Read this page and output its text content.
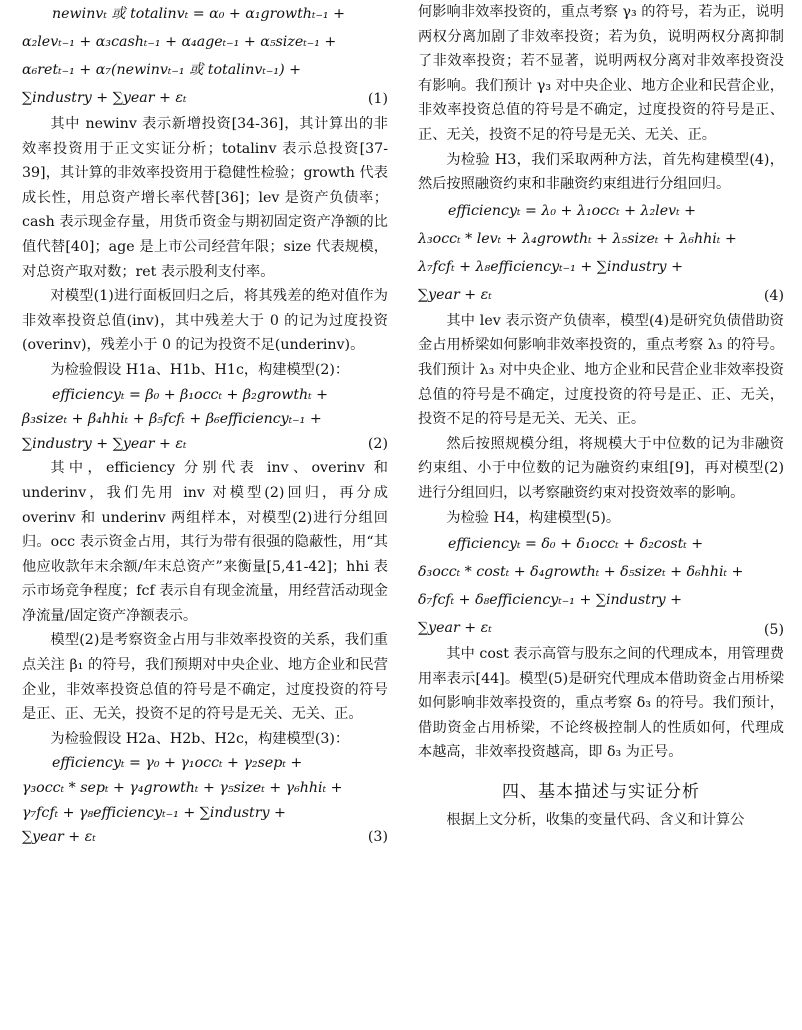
newinvₜ 或 totalinvₜ = α₀ + α₁growthₜ₋₁ +
α₂levₜ₋₁ + α₃cashₜ₋₁ + α₄ageₜ₋₁ + α₅sizeₜ₋₁ +
α₆retₜ₋₁ + α₇(newinvₜ₋₁ 或 totalinvₜ₋₁) +
∑industry + ∑year + εₜ	(1)

其中 newinv 表示新增投资[34-36]，其计算出的非效率投资用于正文实证分析；totalinv 表示总投资[37-39]，其计算的非效率投资用于稳健性检验；growth 代表成长性，用总资产增长率代替[36]；lev 是资产负债率；cash 表示现金存量，用货币资金与期初固定资产净额的比值代替[40]；age 是上市公司经营年限；size 代表规模，对总资产取对数；ret 表示股利支付率。

对模型(1)进行面板回归之后，将其残差的绝对值作为非效率投资总值(inv)，其中残差大于 0 的记为过度投资(overinv)，残差小于 0 的记为投资不足(underinv)。

为检验假设 H1a、H1b、H1c，构建模型(2)：

efficiencyₜ = β₀ + β₁occₜ + β₂growthₜ +
β₃sizeₜ + β₄hhiₜ + β₅fcfₜ + β₆efficiencyₜ₋₁ +
∑industry + ∑year + εₜ	(2)

其中，efficiency 分别代表 inv、overinv 和 underinv，我们先用 inv 对模型(2)回归，再分成 overinv 和 underinv 两组样本，对模型(2)进行分组回归。occ 表示资金占用，其行为带有很强的隐蔽性，用“其他应收款年末余额/年末总资产”来衡量[5,41-42]；hhi 表示市场竞争程度；fcf 表示自有现金流量，用经营活动现金净流量/固定资产净额表示。

模型(2)是考察资金占用与非效率投资的关系，我们重点关注 β₁ 的符号，我们预期对中央企业、地方企业和民营企业，非效率投资总值的符号是不确定，过度投资的符号是正、正、无关，投资不足的符号是无关、无关、正。

为检验假设 H2a、H2b、H2c，构建模型(3)：

efficiencyₜ = γ₀ + γ₁occₜ + γ₂sepₜ +
γ₃occₜ * sepₜ + γ₄growthₜ + γ₅sizeₜ + γ₆hhiₜ +
γ₇fcfₜ + γ₈efficiencyₜ₋₁ + ∑industry +
∑year + εₜ	(3)

何影响非效率投资的，重点考察 γ₃ 的符号，若为正，说明两权分离加剧了非效率投资；若为负，说明两权分离抑制了非效率投资；若不显著，说明两权分离对非效率投资没有影响。我们预计 γ₃ 对中央企业、地方企业和民营企业，非效率投资总值的符号是不确定，过度投资的符号是正、正、无关，投资不足的符号是无关、无关、正。

为检验 H3，我们采取两种方法，首先构建模型(4)，然后按照融资约束和非融资约束组进行分组回归。

efficiencyₜ = λ₀ + λ₁occₜ + λ₂levₜ +
λ₃occₜ * levₜ + λ₄growthₜ + λ₅sizeₜ + λ₆hhiₜ +
λ₇fcfₜ + λ₈efficiencyₜ₋₁ + ∑industry +
∑year + εₜ	(4)

其中 lev 表示资产负债率，模型(4)是研究负债借助资金占用桥梁如何影响非效率投资的，重点考察 λ₃ 的符号。我们预计 λ₃ 对中央企业、地方企业和民营企业非效率投资总值的符号是不确定，过度投资的符号是正、正、无关，投资不足的符号是无关、无关、正。

然后按照规模分组，将规模大于中位数的记为非融资约束组、小于中位数的记为融资约束组[9]，再对模型(2)进行分组回归，以考察融资约束对投资效率的影响。

为检验 H4，构建模型(5)。

efficiencyₜ = δ₀ + δ₁occₜ + δ₂costₜ +
δ₃occₜ * costₜ + δ₄growthₜ + δ₅sizeₜ + δ₆hhiₜ +
δ₇fcfₜ + δ₈efficiencyₜ₋₁ + ∑industry +
∑year + εₜ	(5)

其中 cost 表示高管与股东之间的代理成本，用管理费用率表示[44]。模型(5)是研究代理成本借助资金占用桥梁如何影响非效率投资的，重点考察 δ₃ 的符号。我们预计，借助资金占用桥梁，不论终极控制人的性质如何，代理成本越高，非效率投资越高，即 δ₃ 为正号。

四、基本描述与实证分析

根据上文分析，收集的变量代码、含义和计算公
